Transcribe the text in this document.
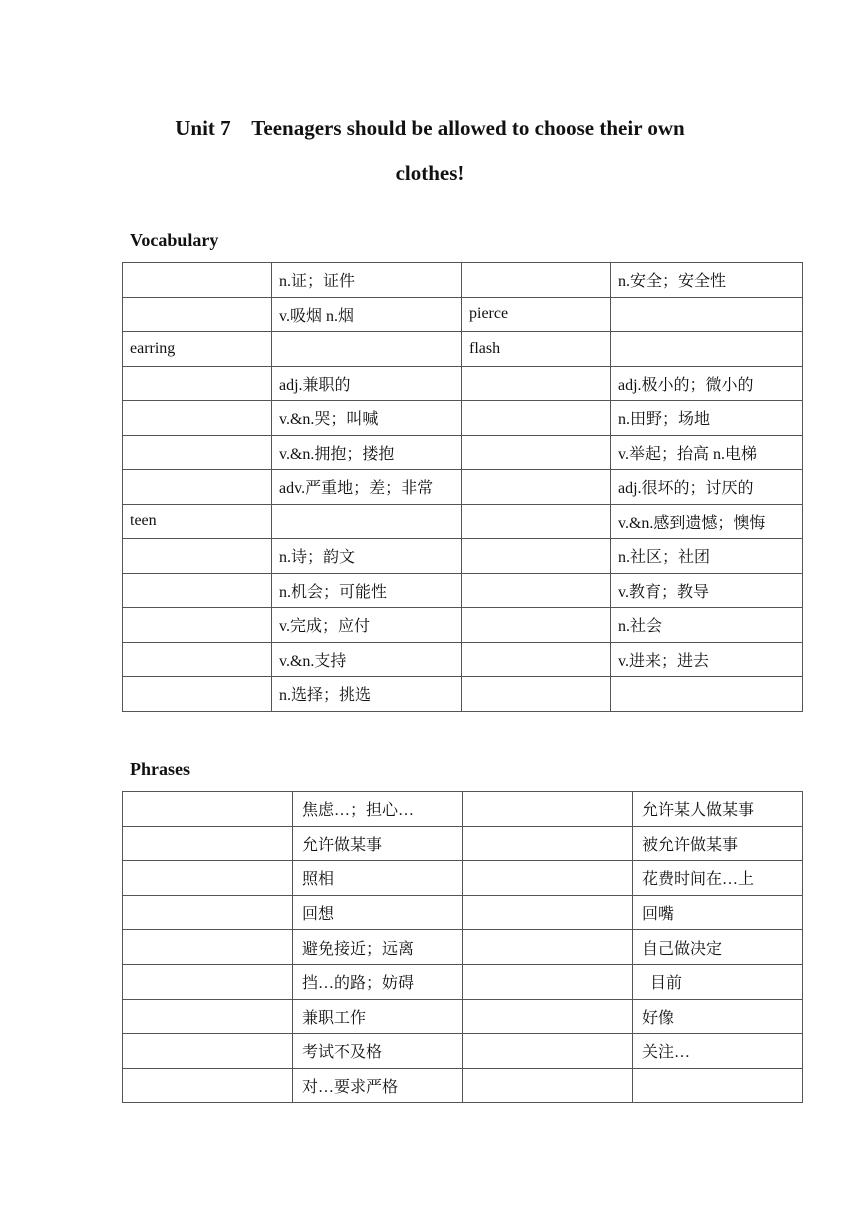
Unit 7    Teenagers should be allowed to choose their own
clothes!
Vocabulary
	n.证；证件		n.安全；安全性
	v.吸烟 n.烟	pierce	
earring		flash	
	adj.兼职的		adj.极小的；微小的
	v.&n.哭；叫喊		n.田野；场地
	v.&n.拥抱；搂抱		v.举起；抬高 n.电梯
	adv.严重地；差；非常		adj.很坏的；讨厌的
teen			v.&n.感到遗憾；懊悔
	n.诗；韵文		n.社区；社团
	n.机会；可能性		v.教育；教导
	v.完成；应付		n.社会
	v.&n.支持		v.进来；进去
	n.选择；挑选		
Phrases
	焦虑…；担心…		允许某人做某事
	允许做某事		被允许做某事
	照相		花费时间在…上
	回想		回嘴
	避免接近；远离		自己做决定
	挡…的路；妨碍		目前
	兼职工作		好像
	考试不及格		关注…
	对…要求严格		
